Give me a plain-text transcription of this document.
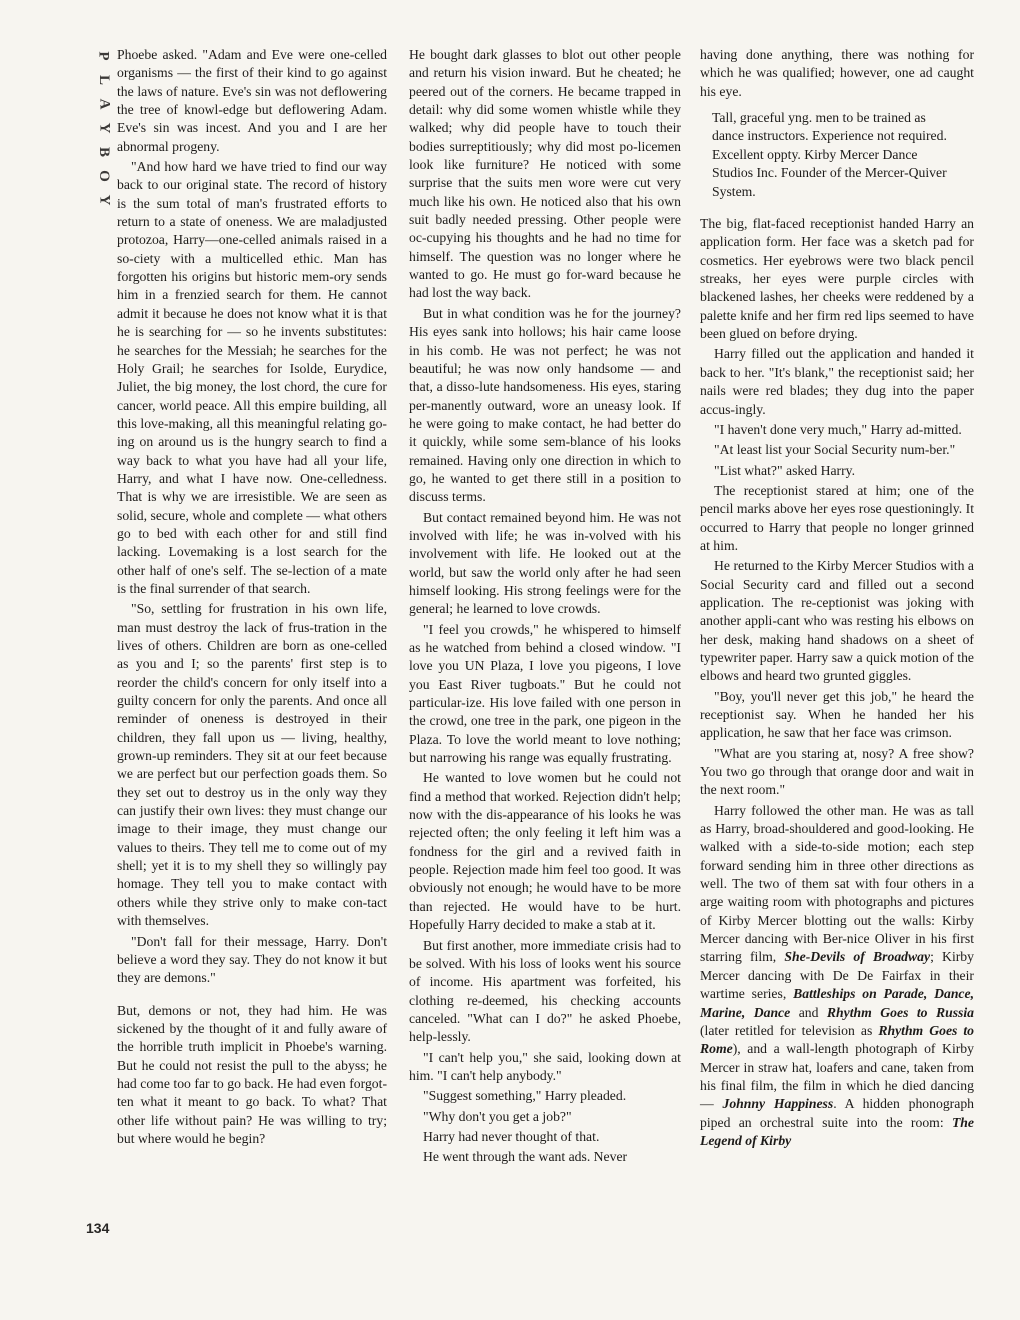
P
L
A
Y
B
O
Y

Phoebe asked. "Adam and Eve were one-celled organisms — the first of their kind to go against the laws of nature. Eve's sin was not deflowering the tree of knowl-edge but deflowering Adam. Eve's sin was incest. And you and I are her abnormal progeny.

"And how hard we have tried to find our way back to our original state. The record of history is the sum total of man's frustrated efforts to return to a state of oneness. We are maladjusted protozoa, Harry—one-celled animals raised in a so-ciety with a multicelled ethic. Man has forgotten his origins but historic mem-ory sends him in a frenzied search for them. He cannot admit it because he does not know what it is that he is searching for — so he invents substitutes: he searches for the Messiah; he searches for the Holy Grail; he searches for Isolde, Eurydice, Juliet, the big money, the lost chord, the cure for cancer, world peace. All this empire building, all this love-making, all this meaningful relating go-ing on around us is the hungry search to find a way back to what you have had all your life, Harry, and what I have now. One-celledness. That is why we are irresistible. We are seen as solid, secure, whole and complete — what others go to bed with each other for and still find lacking. Lovemaking is a lost search for the other half of one's self. The se-lection of a mate is the final surrender of that search.

"So, settling for frustration in his own life, man must destroy the lack of frus-tration in the lives of others. Children are born as one-celled as you and I; so the parents' first step is to reorder the child's concern for only itself into a guilty concern for only the parents. And once all reminder of oneness is destroyed in their children, they fall upon us — living, healthy, grown-up reminders. They sit at our feet because we are perfect but our perfection goads them. So they set out to destroy us in the only way they can justify their own lives: they must change our image to their image, they must change our values to theirs. They tell me to come out of my shell; yet it is to my shell they so willingly pay homage. They tell you to make contact with others while they strive only to make con-tact with themselves.

"Don't fall for their message, Harry. Don't believe a word they say. They do not know it but they are demons."

But, demons or not, they had him. He was sickened by the thought of it and fully aware of the horrible truth implicit in Phoebe's warning. But he could not resist the pull to the abyss; he had come too far to go back. He had even forgot-ten what it meant to go back. To what? That other life without pain? He was willing to try; but where would he begin?

He bought dark glasses to blot out other people and return his vision inward. But he cheated; he peered out of the corners. He became trapped in detail: why did some women whistle while they walked; why did people have to touch their bodies surreptitiously; why did most po-licemen look like furniture? He noticed with some surprise that the suits men wore were cut very much like his own. He noticed also that his own suit badly needed pressing. Other people were oc-cupying his thoughts and he had no time for himself. The question was no longer where he wanted to go. He must go for-ward because he had lost the way back.

But in what condition was he for the journey? His eyes sank into hollows; his hair came loose in his comb. He was not perfect; he was not beautiful; he was now only handsome — and that, a disso-lute handsomeness. His eyes, staring per-manently outward, wore an uneasy look. If he were going to make contact, he had better do it quickly, while some sem-blance of his looks remained. Having only one direction in which to go, he wanted to get there still in a position to discuss terms.

But contact remained beyond him. He was not involved with life; he was in-volved with his involvement with life. He looked out at the world, but saw the world only after he had seen himself looking. His strong feelings were for the general; he learned to love crowds.

"I feel you crowds," he whispered to himself as he watched from behind a closed window. "I love you UN Plaza, I love you pigeons, I love you East River tugboats." But he could not particular-ize. His love failed with one person in the crowd, one tree in the park, one pigeon in the Plaza. To love the world meant to love nothing; but narrowing his range was equally frustrating.

He wanted to love women but he could not find a method that worked. Rejection didn't help; now with the dis-appearance of his looks he was rejected often; the only feeling it left him was a fondness for the girl and a revived faith in people. Rejection made him feel too good. It was obviously not enough; he would have to be more than rejected. He would have to be hurt. Hopefully Harry decided to make a stab at it.

But first another, more immediate crisis had to be solved. With his loss of looks went his source of income. His apartment was forfeited, his clothing re-deemed, his checking accounts canceled. "What can I do?" he asked Phoebe, help-lessly.

"I can't help you," she said, looking down at him. "I can't help anybody."

"Suggest something," Harry pleaded.

"Why don't you get a job?"

Harry had never thought of that.

He went through the want ads. Never

having done anything, there was nothing for which he was qualified; however, one ad caught his eye.

Tall, graceful yng. men to be trained as dance instructors. Experience not required. Excellent oppty. Kirby Mercer Dance Studios Inc. Founder of the Mercer-Quiver System.

The big, flat-faced receptionist handed Harry an application form. Her face was a sketch pad for cosmetics. Her eyebrows were two black pencil streaks, her eyes were purple circles with blackened lashes, her cheeks were reddened by a palette knife and her firm red lips seemed to have been glued on before drying.

Harry filled out the application and handed it back to her. "It's blank," the receptionist said; her nails were red blades; they dug into the paper accus-ingly.

"I haven't done very much," Harry ad-mitted.

"At least list your Social Security num-ber."

"List what?" asked Harry.

The receptionist stared at him; one of the pencil marks above her eyes rose questioningly. It occurred to Harry that people no longer grinned at him.

He returned to the Kirby Mercer Studios with a Social Security card and filled out a second application. The re-ceptionist was joking with another appli-cant who was resting his elbows on her desk, making hand shadows on a sheet of typewriter paper. Harry saw a quick motion of the elbows and heard two grunted giggles.

"Boy, you'll never get this job," he heard the receptionist say. When he handed her his application, he saw that her face was crimson.

"What are you staring at, nosy? A free show? You two go through that orange door and wait in the next room."

Harry followed the other man. He was as tall as Harry, broad-shouldered and good-looking. He walked with a side-to-side motion; each step forward sending him in three other directions as well. The two of them sat with four others in a arge waiting room with photographs and pictures of Kirby Mercer blotting out the walls: Kirby Mercer dancing with Ber-nice Oliver in his first starring film, She-Devils of Broadway; Kirby Mercer dancing with De De Fairfax in their wartime series, Battleships on Parade, Dance, Marine, Dance and Rhythm Goes to Russia (later retitled for television as Rhythm Goes to Rome), and a wall-length photograph of Kirby Mercer in straw hat, loafers and cane, taken from his final film, the film in which he died dancing — Johnny Happiness. A hidden phonograph piped an orchestral suite into the room: The Legend of Kirby

134
